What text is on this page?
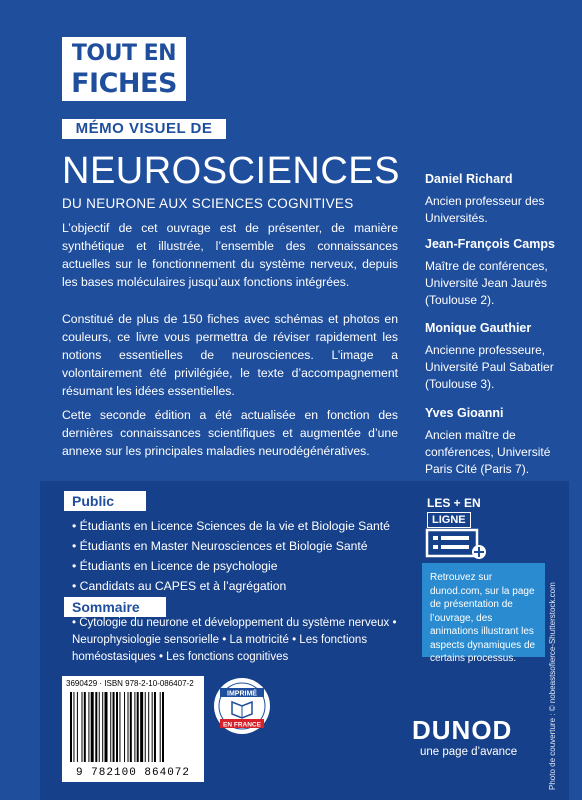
TOUT EN
FICHES
MÉMO VISUEL DE
NEUROSCIENCES
DU NEURONE AUX SCIENCES COGNITIVES

L’objectif de cet ouvrage est de présenter, de manière synthétique et illustrée, l’ensemble des connaissances actuelles sur le fonctionnement du système nerveux, depuis les bases moléculaires jusqu’aux fonctions intégrées.

Constitué de plus de 150 fiches avec schémas et photos en couleurs, ce livre vous permettra de réviser rapidement les notions essentielles de neurosciences. L’image a volontairement été privilégiée, le texte d’accompagnement résumant les idées essentielles.

Cette seconde édition a été actualisée en fonction des dernières connaissances scientifiques et augmentée d’une annexe sur les principales maladies neurodégénératives.

Daniel Richard
Ancien professeur des Universités.
Jean-François Camps
Maître de conférences, Université Jean Jaurès (Toulouse 2).
Monique Gauthier
Ancienne professeure, Université Paul Sabatier (Toulouse 3).
Yves Gioanni
Ancien maître de conférences, Université Paris Cité (Paris 7).
Public
• Étudiants en Licence Sciences de la vie et Biologie Santé
• Étudiants en Master Neurosciences et Biologie Santé
• Étudiants en Licence de psychologie
• Candidats au CAPES et à l’agrégation
Sommaire
• Cytologie du neurone et développement du système nerveux • Neurophysiologie sensorielle • La motricité • Les fonctions homéostasiques • Les fonctions cognitives
LES + EN
LIGNE
Retrouvez sur dunod.com, sur la page de présentation de l’ouvrage, des animations illustrant les aspects dynamiques de certains processus.	Photo de couverture : © nobeastsofierce-Shutterstock.com
3690429 · ISBN 978-2-10-086407-2
9 782100 864072
IMPRIMÉ
EN FRANCE	DUNOD
une page d’avance
